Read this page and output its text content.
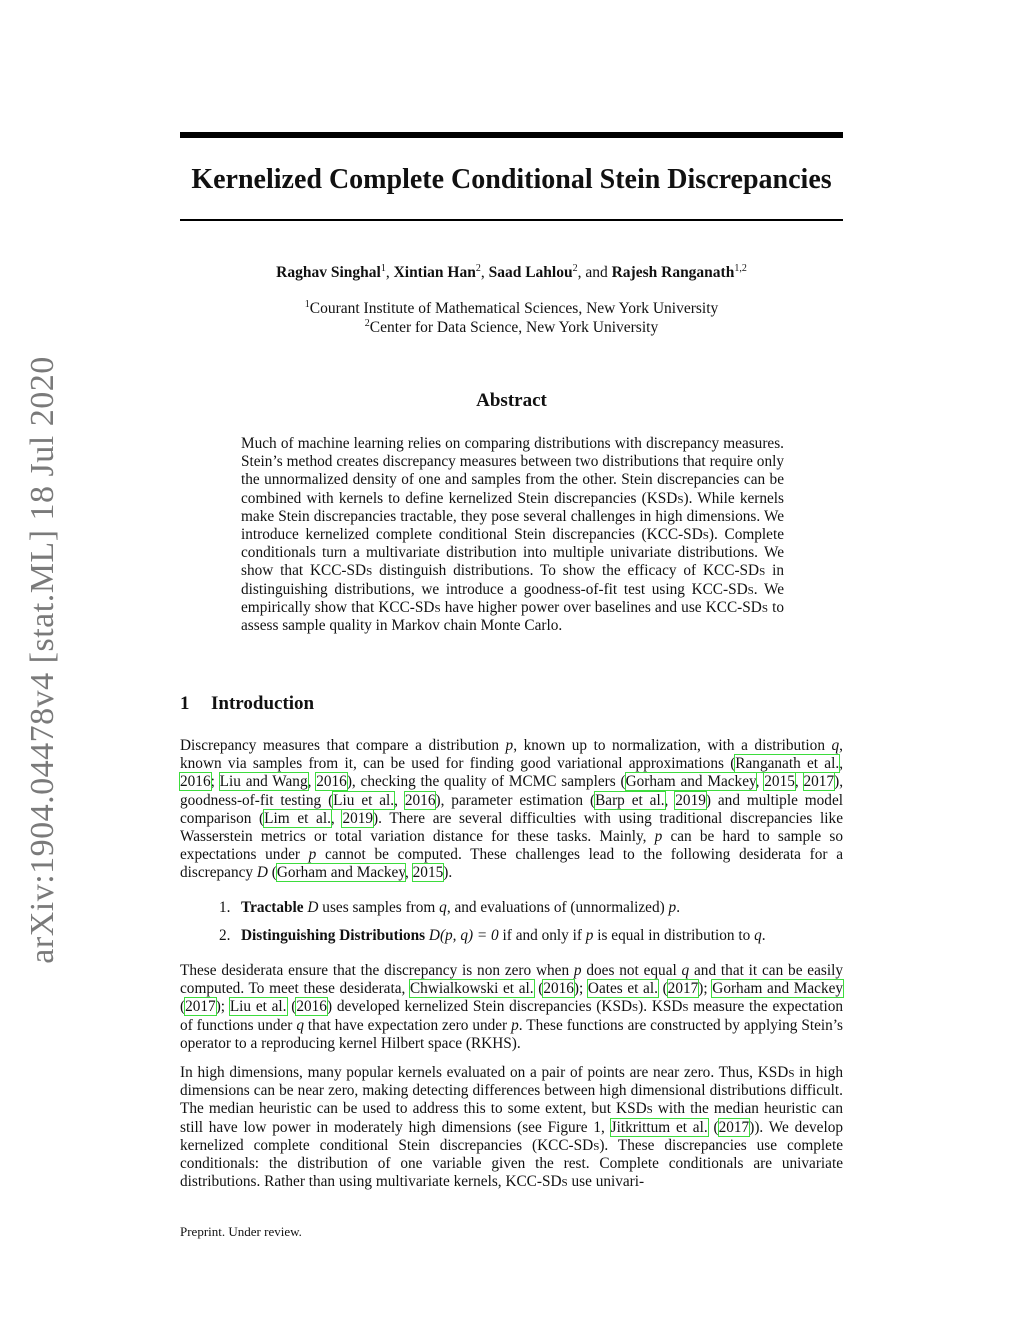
arXiv:1904.04478v4 [stat.ML] 18 Jul 2020
Kernelized Complete Conditional Stein Discrepancies
Raghav Singhal$^1$, Xintian Han$^2$, Saad Lahlou$^2$, and Rajesh Ranganath$^{1,2}$
$^1$Courant Institute of Mathematical Sciences, New York University
$^2$Center for Data Science, New York University
Abstract

Much of machine learning relies on comparing distributions with discrepancy measures. Stein’s method creates discrepancy measures between two distributions that require only the unnormalized density of one and samples from the other. Stein discrepancies can be combined with kernels to define kernelized Stein discrepancies (KSDs). While kernels make Stein discrepancies tractable, they pose several challenges in high dimensions. We introduce kernelized complete conditional Stein discrepancies (KCC-SDs). Complete conditionals turn a multivariate distribution into multiple univariate distributions. We show that KCC-SDs distinguish distributions. To show the efficacy of KCC-SDs in distinguishing distributions, we introduce a goodness-of-fit test using KCC-SDs. We empirically show that KCC-SDs have higher power over baselines and use KCC-SDs to assess sample quality in Markov chain Monte Carlo.

1 Introduction

Discrepancy measures that compare a distribution p, known up to normalization, with a distribution q, known via samples from it, can be used for finding good variational approximations (Ranganath et al., 2016; Liu and Wang, 2016), checking the quality of MCMC samplers (Gorham and Mackey, 2015, 2017), goodness-of-fit testing (Liu et al., 2016), parameter estimation (Barp et al., 2019) and multiple model comparison (Lim et al., 2019). There are several difficulties with using traditional discrepancies like Wasserstein metrics or total variation distance for these tasks. Mainly, p can be hard to sample so expectations under p cannot be computed. These challenges lead to the following desiderata for a discrepancy D (Gorham and Mackey, 2015).

1. Tractable D uses samples from q, and evaluations of (unnormalized) p.
2. Distinguishing Distributions D(p, q) = 0 if and only if p is equal in distribution to q.

These desiderata ensure that the discrepancy is non zero when p does not equal q and that it can be easily computed. To meet these desiderata, Chwialkowski et al. (2016); Oates et al. (2017); Gorham and Mackey (2017); Liu et al. (2016) developed kernelized Stein discrepancies (KSDs). KSDs measure the expectation of functions under q that have expectation zero under p. These functions are constructed by applying Stein’s operator to a reproducing kernel Hilbert space (RKHS).

In high dimensions, many popular kernels evaluated on a pair of points are near zero. Thus, KSDs in high dimensions can be near zero, making detecting differences between high dimensional distributions difficult. The median heuristic can be used to address this to some extent, but KSDs with the median heuristic can still have low power in moderately high dimensions (see Figure 1, Jitkrittum et al. (2017)). We develop kernelized complete conditional Stein discrepancies (KCC-SDs). These discrepancies use complete conditionals: the distribution of one variable given the rest. Complete conditionals are univariate distributions. Rather than using multivariate kernels, KCC-SDs use univari-

Preprint. Under review.
